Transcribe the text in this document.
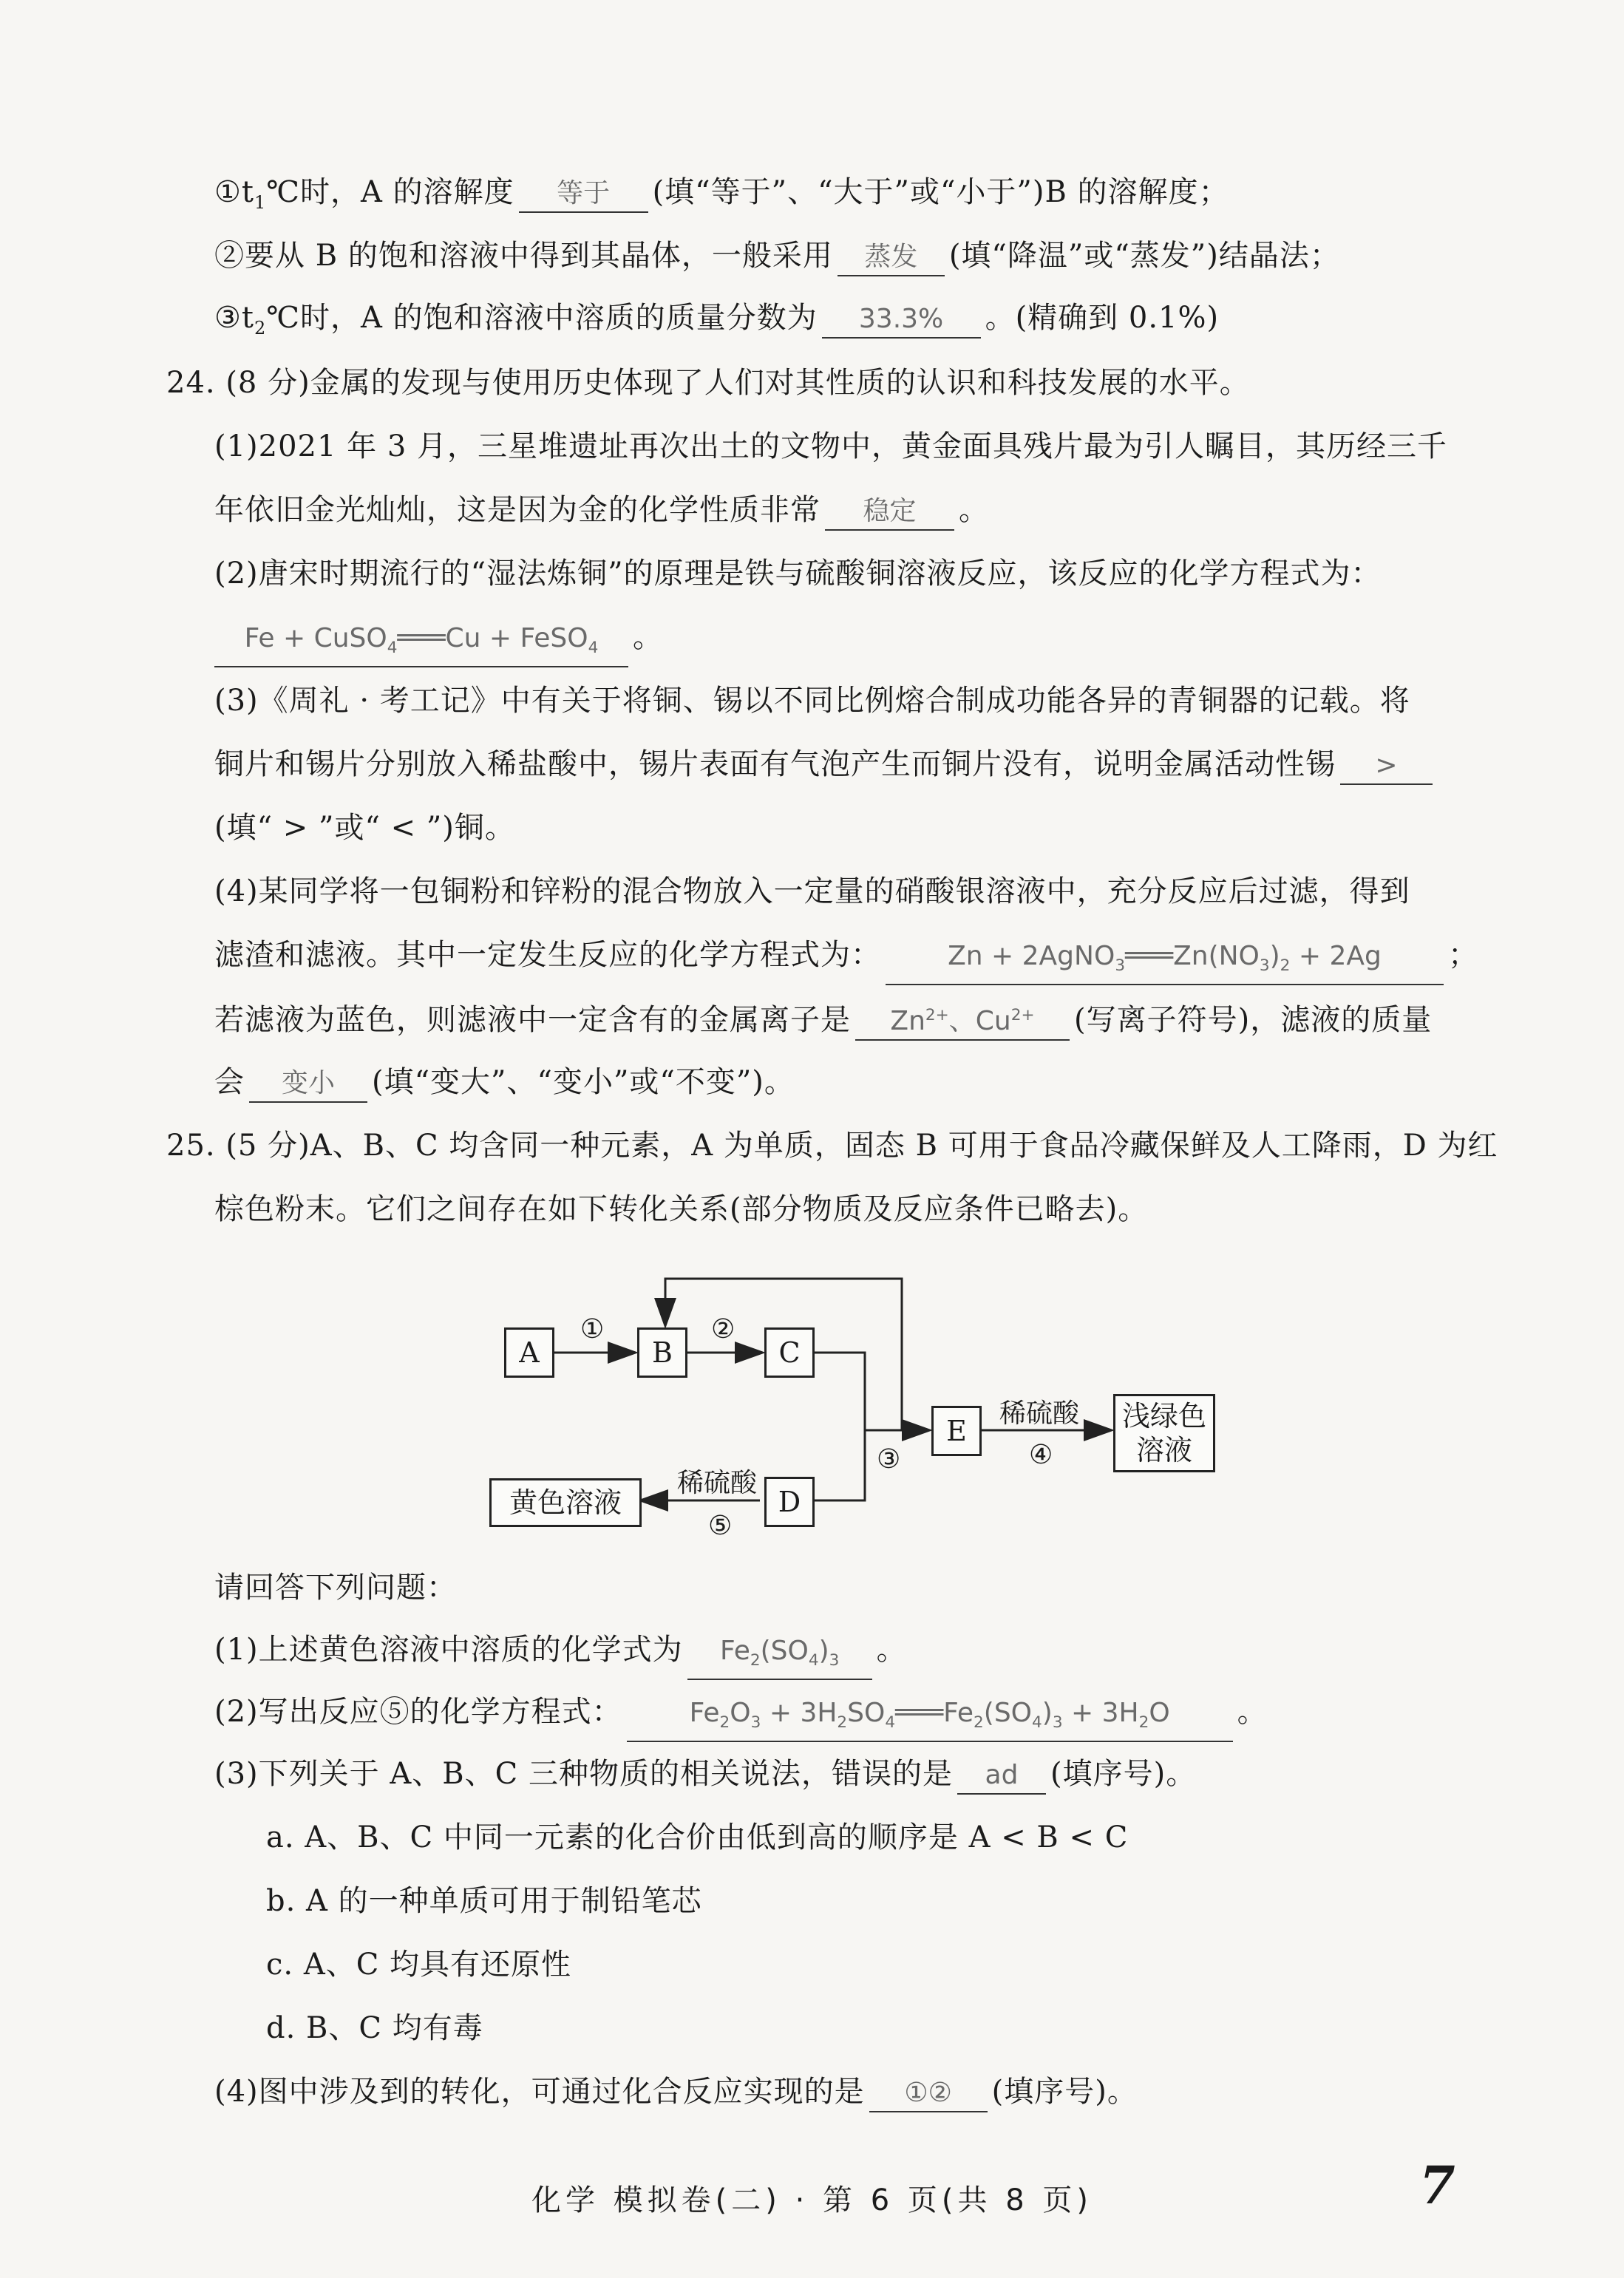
$①t_1℃$时，A 的溶解度 等于 (填“等于”、“大于”或“小于”)B 的溶解度；
②要从 B 的饱和溶液中得到其晶体，一般采用 蒸发 (填“降温”或“蒸发”)结晶法；
$③t_2℃$时，A 的饱和溶液中溶质的质量分数为 33.3% 。(精确到 0.1%)
24. (8 分)金属的发现与使用历史体现了人们对其性质的认识和科技发展的水平。
(1)2021 年 3 月，三星堆遗址再次出土的文物中，黄金面具残片最为引人瞩目，其历经三千
年依旧金光灿灿，这是因为金的化学性质非常 稳定 。
(2)唐宋时期流行的“湿法炼铜”的原理是铁与硫酸铜溶液反应，该反应的化学方程式为：
Fe + CuSO$_4$═══Cu + FeSO$_4$ 。
(3)《周礼 · 考工记》中有关于将铜、锡以不同比例熔合制成功能各异的青铜器的记载。将
铜片和锡片分别放入稀盐酸中，锡片表面有气泡产生而铜片没有，说明金属活动性锡 >
(填“ > ”或“ < ”)铜。
(4)某同学将一包铜粉和锌粉的混合物放入一定量的硝酸银溶液中，充分反应后过滤，得到
滤渣和滤液。其中一定发生反应的化学方程式为：	$Zn + 2AgNO_3═══Zn(NO_3)_2 + 2Ag$ ；
若滤液为蓝色，则滤液中一定含有的金属离子是 $Zn^{2+}$、$Cu^{2+}$ (写离子符号)，滤液的质量
会 变小 (填“变大”、“变小”或“不变”)。
25. (5 分)A、B、C 均含同一种元素，A 为单质，固态 B 可用于食品冷藏保鲜及人工降雨，D 为红
棕色粉末。它们之间存在如下转化关系(部分物质及反应条件已略去)。
A	B	C
D
E
黄色溶液
浅绿色
溶液
①	②
③	④
⑤
稀硫酸
稀硫酸
请回答下列问题：
(1)上述黄色溶液中溶质的化学式为 $Fe_2(SO_4)_3$ 。
(2)写出反应⑤的化学方程式：	$Fe_2O_3$ + $3H_2SO_4═══Fe_2(SO_4)_3 + 3H_2O$ 。
(3)下列关于 A、B、C 三种物质的相关说法，错误的是 ad (填序号)。
a. A、B、C 中同一元素的化合价由低到高的顺序是 A < B < C
b. A 的一种单质可用于制铅笔芯
c. A、C 均具有还原性
d. B、C 均有毒
(4)图中涉及到的转化，可通过化合反应实现的是 ①② (填序号)。
化学 模拟卷(二) · 第 6 页(共 8 页)	7
